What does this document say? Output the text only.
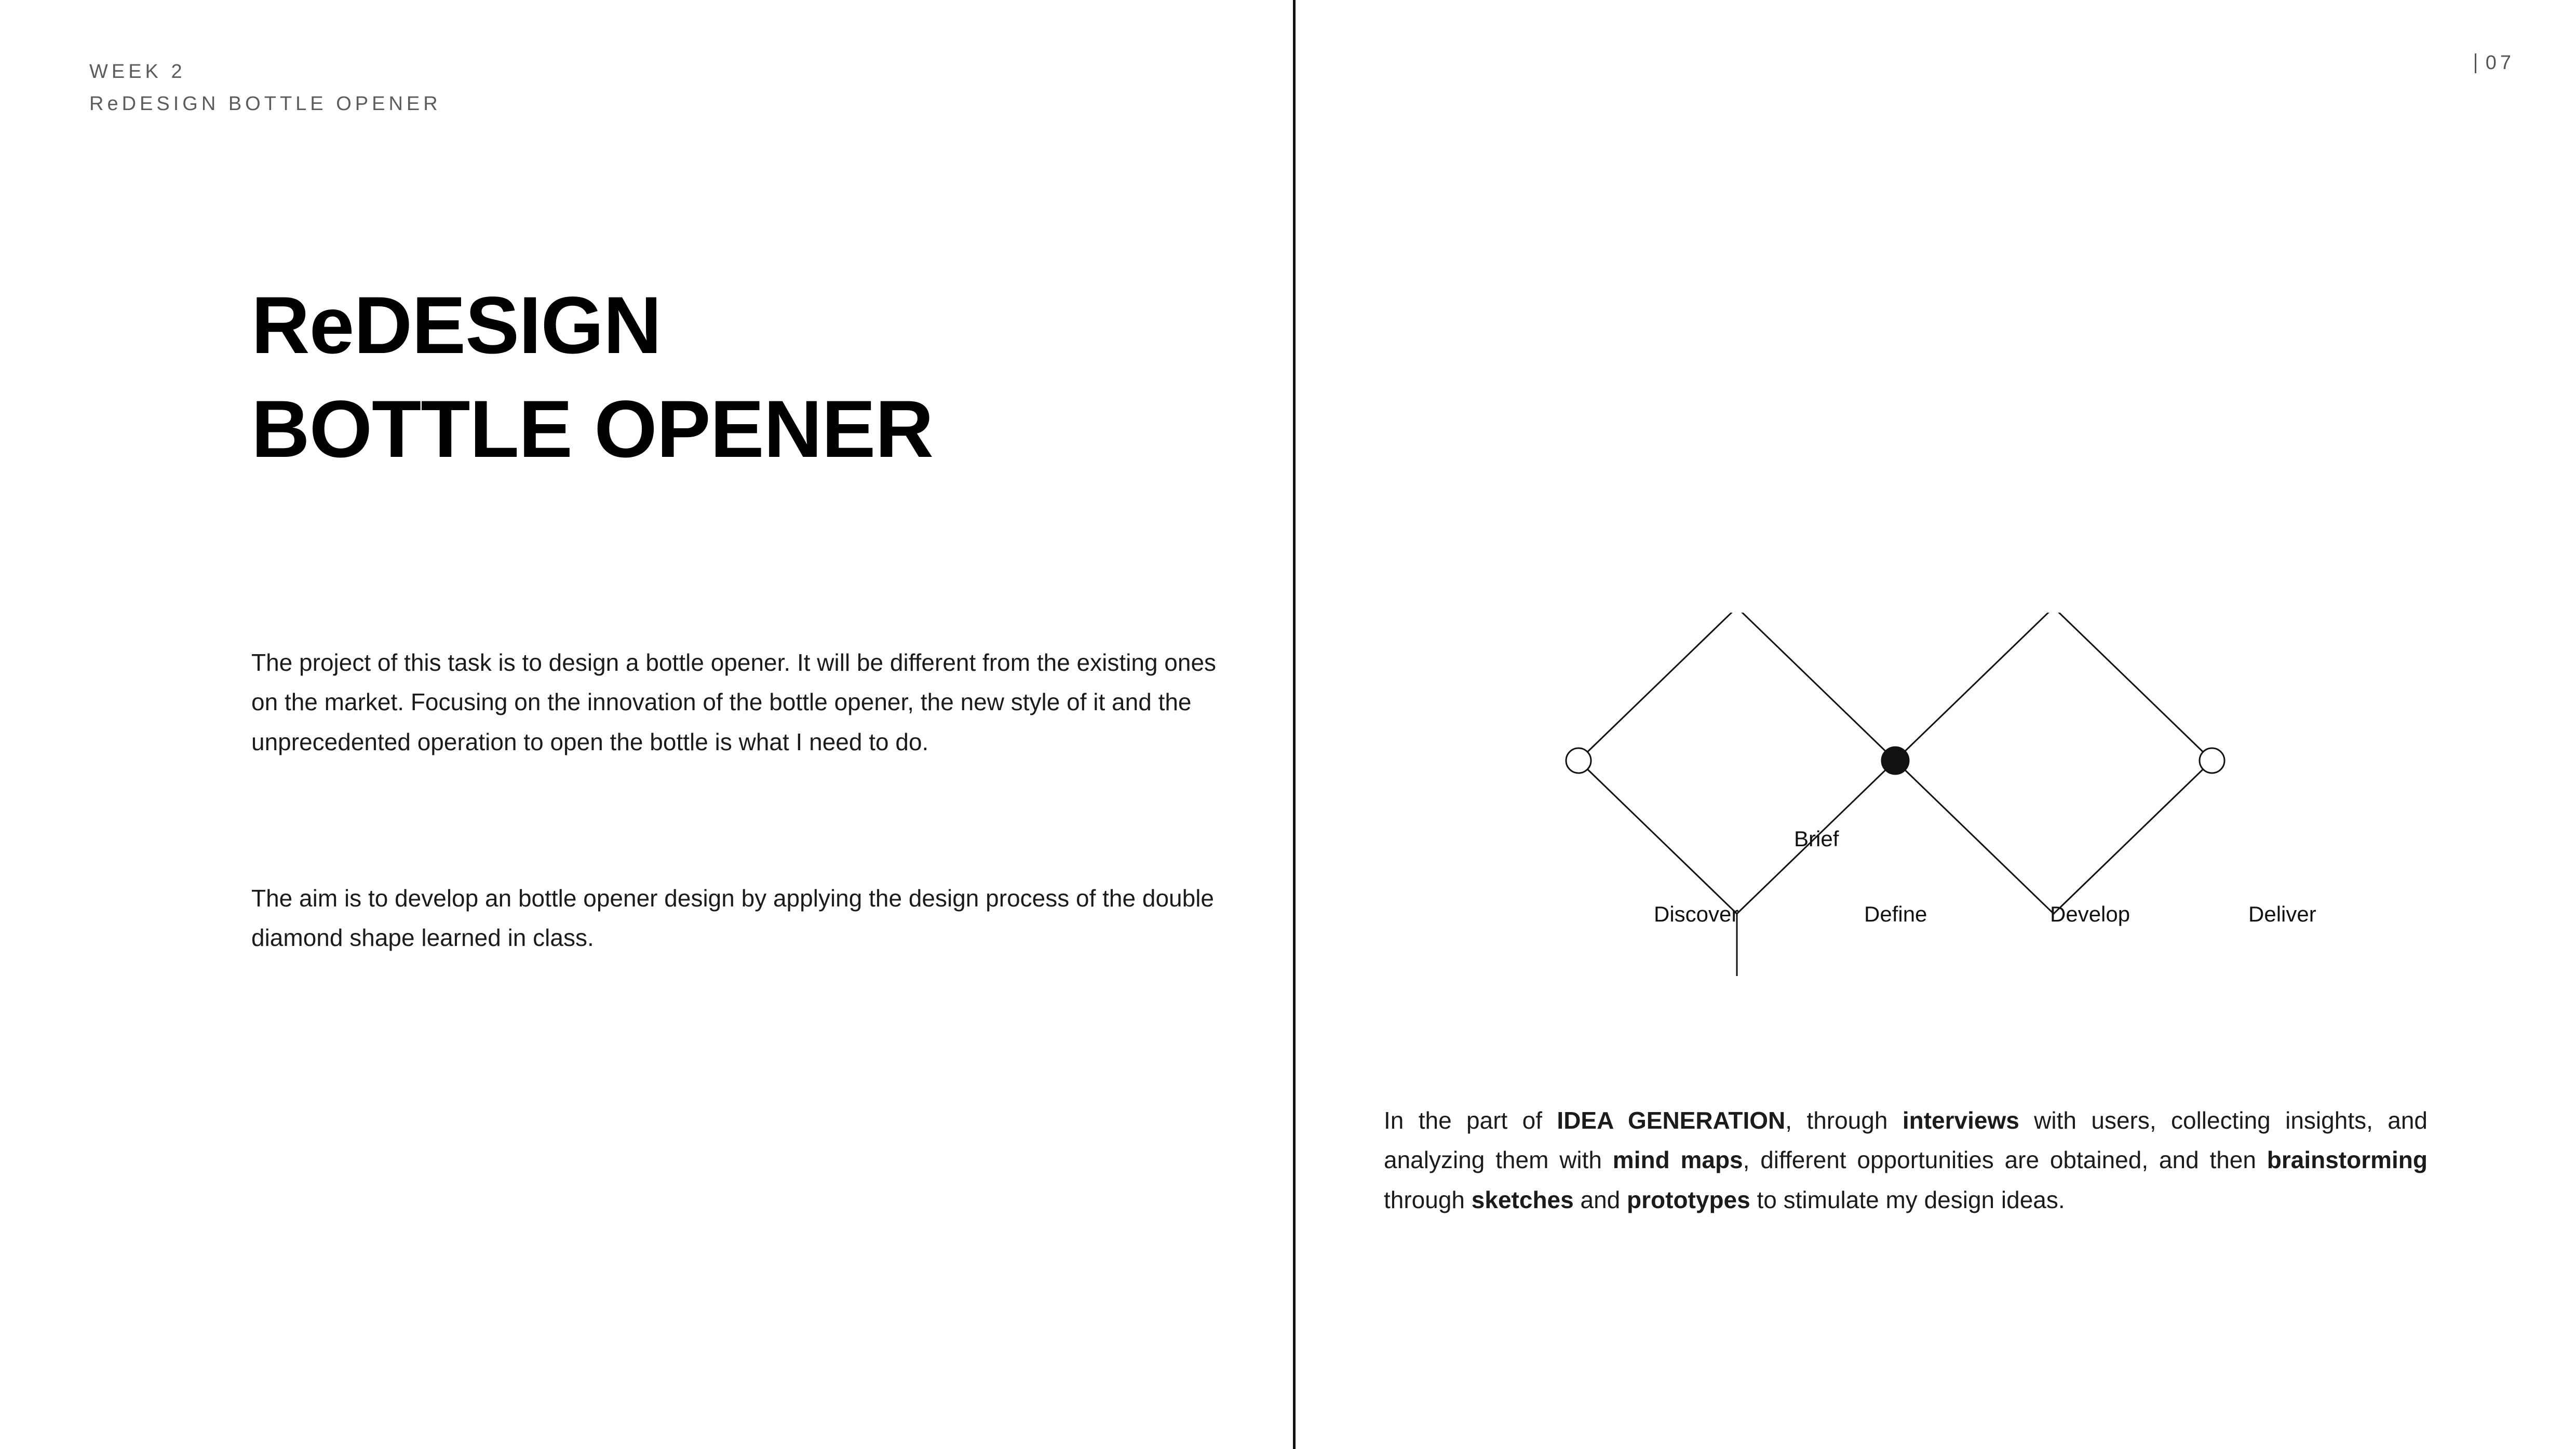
WEEK 2
ReDESIGN BOTTLE OPENER
ReDESIGN
BOTTLE OPENER
The project of this task is to design a bottle opener. It will be different from the existing ones on the market. Focusing on the innovation of the bottle opener, the new style of it and the unprecedented operation to open the bottle is what I need to do.
The aim is to develop an bottle opener design by applying the design process of the double diamond shape learned in class.
07
Brief
Discover	Define	Develop	Deliver
In the part of IDEA GENERATION, through interviews with users, collecting insights, and analyzing them with mind maps, different opportunities are obtained, and then brainstorming through sketches and prototypes to stimulate my design ideas.
